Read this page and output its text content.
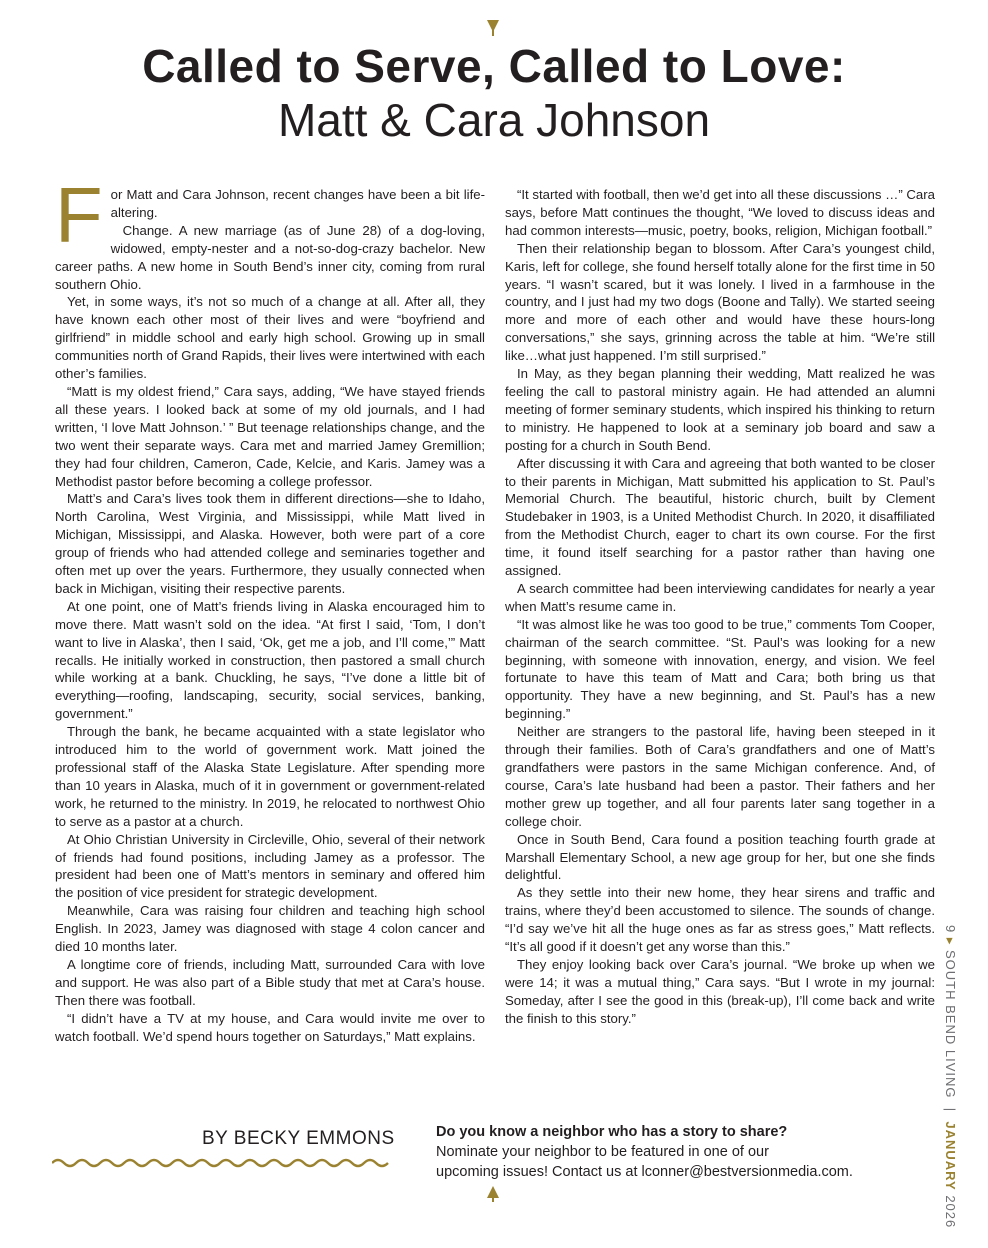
Called to Serve, Called to Love:
Matt & Cara Johnson

For Matt and Cara Johnson, recent changes have been a bit life-altering.

Change. A new marriage (as of June 28) of a dog-loving, widowed, empty-nester and a not-so-dog-crazy bachelor. New career paths. A new home in South Bend’s inner city, coming from rural southern Ohio.

Yet, in some ways, it’s not so much of a change at all. After all, they have known each other most of their lives and were “boyfriend and girlfriend” in middle school and early high school. Growing up in small communities north of Grand Rapids, their lives were intertwined with each other’s families.

“Matt is my oldest friend,” Cara says, adding, “We have stayed friends all these years. I looked back at some of my old journals, and I had written, ‘I love Matt Johnson.’ ” But teenage relationships change, and the two went their separate ways. Cara met and married Jamey Gremillion; they had four children, Cameron, Cade, Kelcie, and Karis. Jamey was a Methodist pastor before becoming a college professor.

Matt’s and Cara’s lives took them in different directions—she to Idaho, North Carolina, West Virginia, and Mississippi, while Matt lived in Michigan, Mississippi, and Alaska. However, both were part of a core group of friends who had attended college and seminaries together and often met up over the years. Furthermore, they usually connected when back in Michigan, visiting their respective parents.

At one point, one of Matt’s friends living in Alaska encouraged him to move there. Matt wasn’t sold on the idea. “At first I said, ‘Tom, I don’t want to live in Alaska’, then I said, ‘Ok, get me a job, and I’ll come,’” Matt recalls. He initially worked in construction, then pastored a small church while working at a bank. Chuckling, he says, “I’ve done a little bit of everything—roofing, landscaping, security, social services, banking, government.”

Through the bank, he became acquainted with a state legislator who introduced him to the world of government work. Matt joined the professional staff of the Alaska State Legislature. After spending more than 10 years in Alaska, much of it in government or government-related work, he returned to the ministry. In 2019, he relocated to northwest Ohio to serve as a pastor at a church.

At Ohio Christian University in Circleville, Ohio, several of their network of friends had found positions, including Jamey as a professor. The president had been one of Matt’s mentors in seminary and offered him the position of vice president for strategic development.

Meanwhile, Cara was raising four children and teaching high school English. In 2023, Jamey was diagnosed with stage 4 colon cancer and died 10 months later.

A longtime core of friends, including Matt, surrounded Cara with love and support. He was also part of a Bible study that met at Cara’s house. Then there was football.

“I didn’t have a TV at my house, and Cara would invite me over to watch football. We’d spend hours together on Saturdays,” Matt explains.

“It started with football, then we’d get into all these discussions …” Cara says, before Matt continues the thought, “We loved to discuss ideas and had common interests—music, poetry, books, religion, Michigan football.”

Then their relationship began to blossom. After Cara’s youngest child, Karis, left for college, she found herself totally alone for the first time in 50 years. “I wasn’t scared, but it was lonely. I lived in a farmhouse in the country, and I just had my two dogs (Boone and Tally). We started seeing more and more of each other and would have these hours-long conversations,” she says, grinning across the table at him. “We’re still like…what just happened. I’m still surprised.”

In May, as they began planning their wedding, Matt realized he was feeling the call to pastoral ministry again. He had attended an alumni meeting of former seminary students, which inspired his thinking to return to ministry. He happened to look at a seminary job board and saw a posting for a church in South Bend.

After discussing it with Cara and agreeing that both wanted to be closer to their parents in Michigan, Matt submitted his application to St. Paul’s Memorial Church. The beautiful, historic church, built by Clement Studebaker in 1903, is a United Methodist Church. In 2020, it disaffiliated from the Methodist Church, eager to chart its own course. For the first time, it found itself searching for a pastor rather than having one assigned.

A search committee had been interviewing candidates for nearly a year when Matt’s resume came in.

“It was almost like he was too good to be true,” comments Tom Cooper, chairman of the search committee. “St. Paul’s was looking for a new beginning, with someone with innovation, energy, and vision. We feel fortunate to have this team of Matt and Cara; both bring us that opportunity. They have a new beginning, and St. Paul’s has a new beginning.”

Neither are strangers to the pastoral life, having been steeped in it through their families. Both of Cara’s grandfathers and one of Matt’s grandfathers were pastors in the same Michigan conference. And, of course, Cara’s late husband had been a pastor. Their fathers and her mother grew up together, and all four parents later sang together in a college choir.

Once in South Bend, Cara found a position teaching fourth grade at Marshall Elementary School, a new age group for her, but one she finds delightful.

As they settle into their new home, they hear sirens and traffic and trains, where they’d been accustomed to silence. The sounds of change. “I’d say we’ve hit all the huge ones as far as stress goes,” Matt reflects. “It’s all good if it doesn’t get any worse than this.”

They enjoy looking back over Cara’s journal. “We broke up when we were 14; it was a mutual thing,” Cara says. “But I wrote in my journal: Someday, after I see the good in this (break-up), I’ll come back and write the finish to this story.”

BY BECKY EMMONS	Do you know a neighbor who has a story to share?
Nominate your neighbor to be featured in one of our
upcoming issues! Contact us at lconner@bestversionmedia.com.
9 ▸ SOUTH BEND LIVING  |  JANUARY 2026
